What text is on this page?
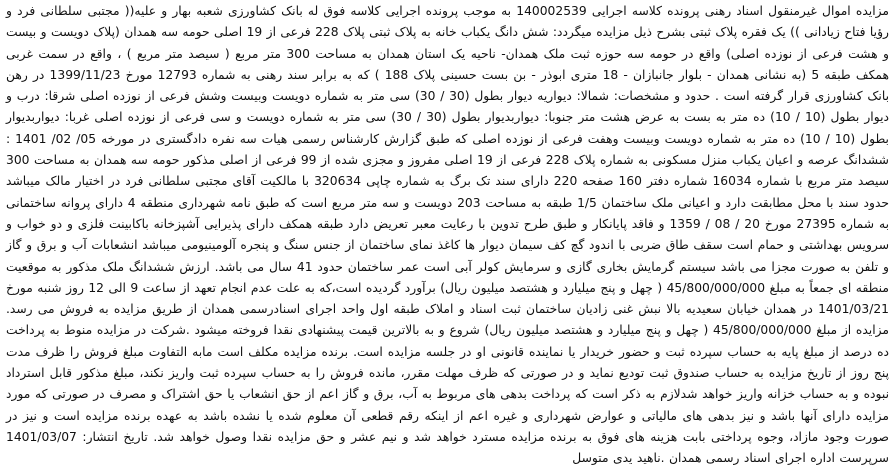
مزایده اموال غیرمنقول اسناد رهنی پرونده کلاسه اجرایی 140002539 به موجب پرونده اجرایی کلاسه فوق له بانک کشاورزی شعبه بهار و علیه(( مجتبی سلطانی فرد و رؤیا فتاح زیادانی )) یک فقره پلاک ثبتی بشرح ذیل مزایده میگردد: شش دانگ یکباب خانه به پلاک ثبتی پلاک 228 فرعی از 19 اصلی حومه سه همدان (پلاک دویست و بیست و هشت فرعی از نوزده اصلی) واقع در حومه سه حوزه ثبت ملک همدان- ناحیه یک استان همدان به مساحت 300 متر مربع ( سیصد متر مربع ) ، واقع در سمت غربی همکف طبقه 5 (به نشانی همدان - بلوار جانبازان - 18 متری ابوذر - بن بست حسینی پلاک 188 ) که به برابر سند رهنی به شماره 12793 مورخ 1399/11/23 در رهن بانک کشاورزی قرار گرفته است . حدود و مشخصات: شمالا: دیواریه دیوار بطول (30 / 30) سی متر به شماره دویست وبیست وشش فرعی از نوزده اصلی شرقا: درب و دیوار بطول (10 / 10) ده متر به بست به عرض هشت متر جنوبا: دیواربدیوار بطول (30 / 30) سی متر به شماره دویست و سی فرعی از نوزده اصلی غربا: دیواربدیوار بطول (10 / 10) ده متر به شماره دویست وبیست وهفت فرعی از نوزده اصلی که طبق گزارش کارشناس رسمی هیات سه نفره دادگستری در مورخه 05/ 02/ 1401 : ششدانگ عرصه و اعیان یکباب منزل مسکونی به شماره پلاک 228 فرعی از 19 اصلی مفروز و مجزی شده از 99 فرعی از اصلی مذکور حومه سه همدان به مساحت 300 سیصد متر مربع با شماره 16034 شماره دفتر 160 صفحه 220 دارای سند تک برگ به شماره چاپی 320634 با مالکیت آقای مجتبی سلطانی فرد در اختیار مالک میباشد حدود سند با محل مطابقت دارد و اعیانی ملک ساختمان 1/5 طبقه به مساحت 203 دویست و سه متر مربع است که طبق نامه شهرداری منطقه 4 دارای پروانه ساختمانی به شماره 27395 مورخ 20 / 08 / 1359 و فاقد پایانکار و طبق طرح تدوین با رعایت معبر تعریض دارد طبقه همکف دارای پذیرایی آشپزخانه باکابینت فلزی و دو خواب و سرویس بهداشتی و حمام است سقف طاق ضربی با اندود گچ کف سیمان دیوار ها کاغذ نمای ساختمان از جنس سنگ و پنجره آلومینیومی میباشد انشعابات آب و برق و گاز و تلفن به صورت مجزا می باشد سیستم گرمایش بخاری گازی و سرمایش کولر آبی است عمر ساختمان حدود 41 سال می باشد. ارزش ششدانگ ملک مذکور به موقعیت منطقه ای جمعاً به مبلغ 45/800/000/000 ( چهل و پنج میلیارد و هشتصد میلیون ریال) برآورد گردیده است،که به علت عدم انجام تعهد از ساعت 9 الی 12 روز شنبه مورخ 1401/03/21 در همدان خیابان سعیدیه بالا نبش غنی زادیان ساختمان ثبت اسناد و املاک طبقه اول واحد اجرای اسنادرسمی همدان از طریق مزایده به فروش می رسد. مزایده از مبلغ 45/800/000/000 ( چهل و پنج میلیارد و هشتصد میلیون ریال) شروع و به بالاترین قیمت پیشنهادی نقدا فروخته میشود .شرکت در مزایده منوط به پرداخت ده درصد از مبلغ پایه به حساب سپرده ثبت و حضور خریدار یا نماینده قانونی او در جلسه مزایده است. برنده مزایده مکلف است مابه التفاوت مبلغ فروش را ظرف مدت پنج روز از تاریخ مزایده به حساب صندوق ثبت تودیع نماید و در صورتی که ظرف مهلت مقرر، مانده فروش را به حساب سپرده ثبت واریز نکند، مبلغ مذکور قابل استرداد نبوده و به حساب خزانه واریز خواهد شدلازم به ذکر است که پرداخت بدهی های مربوط به آب، برق و گاز اعم از حق انشعاب یا حق اشتراک و مصرف در صورتی که مورد مزایده دارای آنها باشد و نیز بدهی های مالیاتی و عوارض شهرداری و غیره اعم از اینکه رقم قطعی آن معلوم شده یا نشده باشد به عهده برنده مزایده است و نیز در صورت وجود مازاد، وجوه پرداختی بابت هزینه های فوق به برنده مزایده مسترد خواهد شد و نیم عشر و حق مزایده نقدا وصول خواهد شد. تاریخ انتشار: 1401/03/07 سرپرست اداره اجرای اسناد رسمی همدان .ناهید یدی متوسل
